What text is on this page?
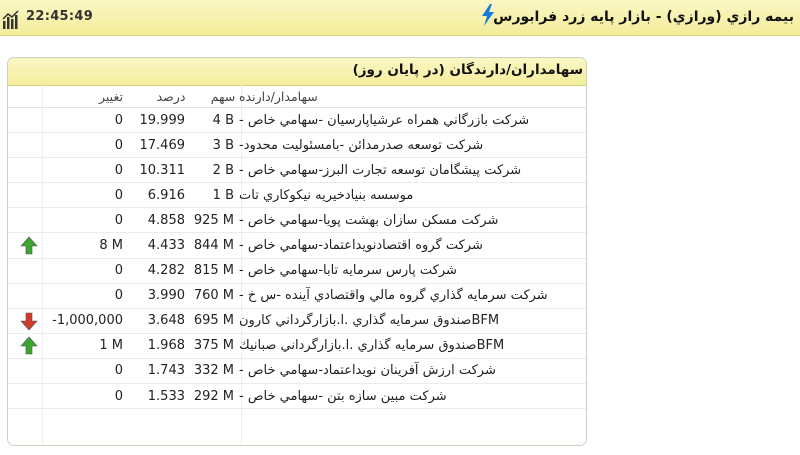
22:45:49	بيمه رازي (ورازي) - بازار پايه زرد فرابورس
سهامداران/دارندگان (در پايان روز)
سهامدار/دارنده
سهم
درصد
تغيير
شركت بازرگاني همراه عرشياپارسيان -سهامي خاص -
4 B
19.999
0
شركت توسعه صدرمدائن -بامسئوليت محدود-
3 B
17.469
0
شركت پيشگامان توسعه تجارت البرز-سهامي خاص -
2 B
10.311
0
موسسه بنيادخيريه نيكوكاري تات
1 B
6.916
0
شركت مسكن سازان بهشت پويا-سهامي خاص -
925 M
4.858
0
شركت گروه اقتصادنويداعتماد-سهامي خاص -
844 M
4.433
8 M
شركت پارس سرمايه تابا-سهامي خاص -
815 M
4.282
0
شركت سرمايه گذاري گروه مالي واقتصادي آينده -س خ -
760 M
3.990
0
BFMصندوق سرمايه گذاري .ا.بازارگرداني كارون
695 M
3.648
-1,000,000
BFMصندوق سرمايه گذاري .ا.بازارگرداني صبانيك
375 M
1.968
1 M
شركت ارزش آفرينان نويداعتماد-سهامي خاص -
332 M
1.743
0
شركت مبين سازه بتن -سهامي خاص -
292 M
1.533
0
